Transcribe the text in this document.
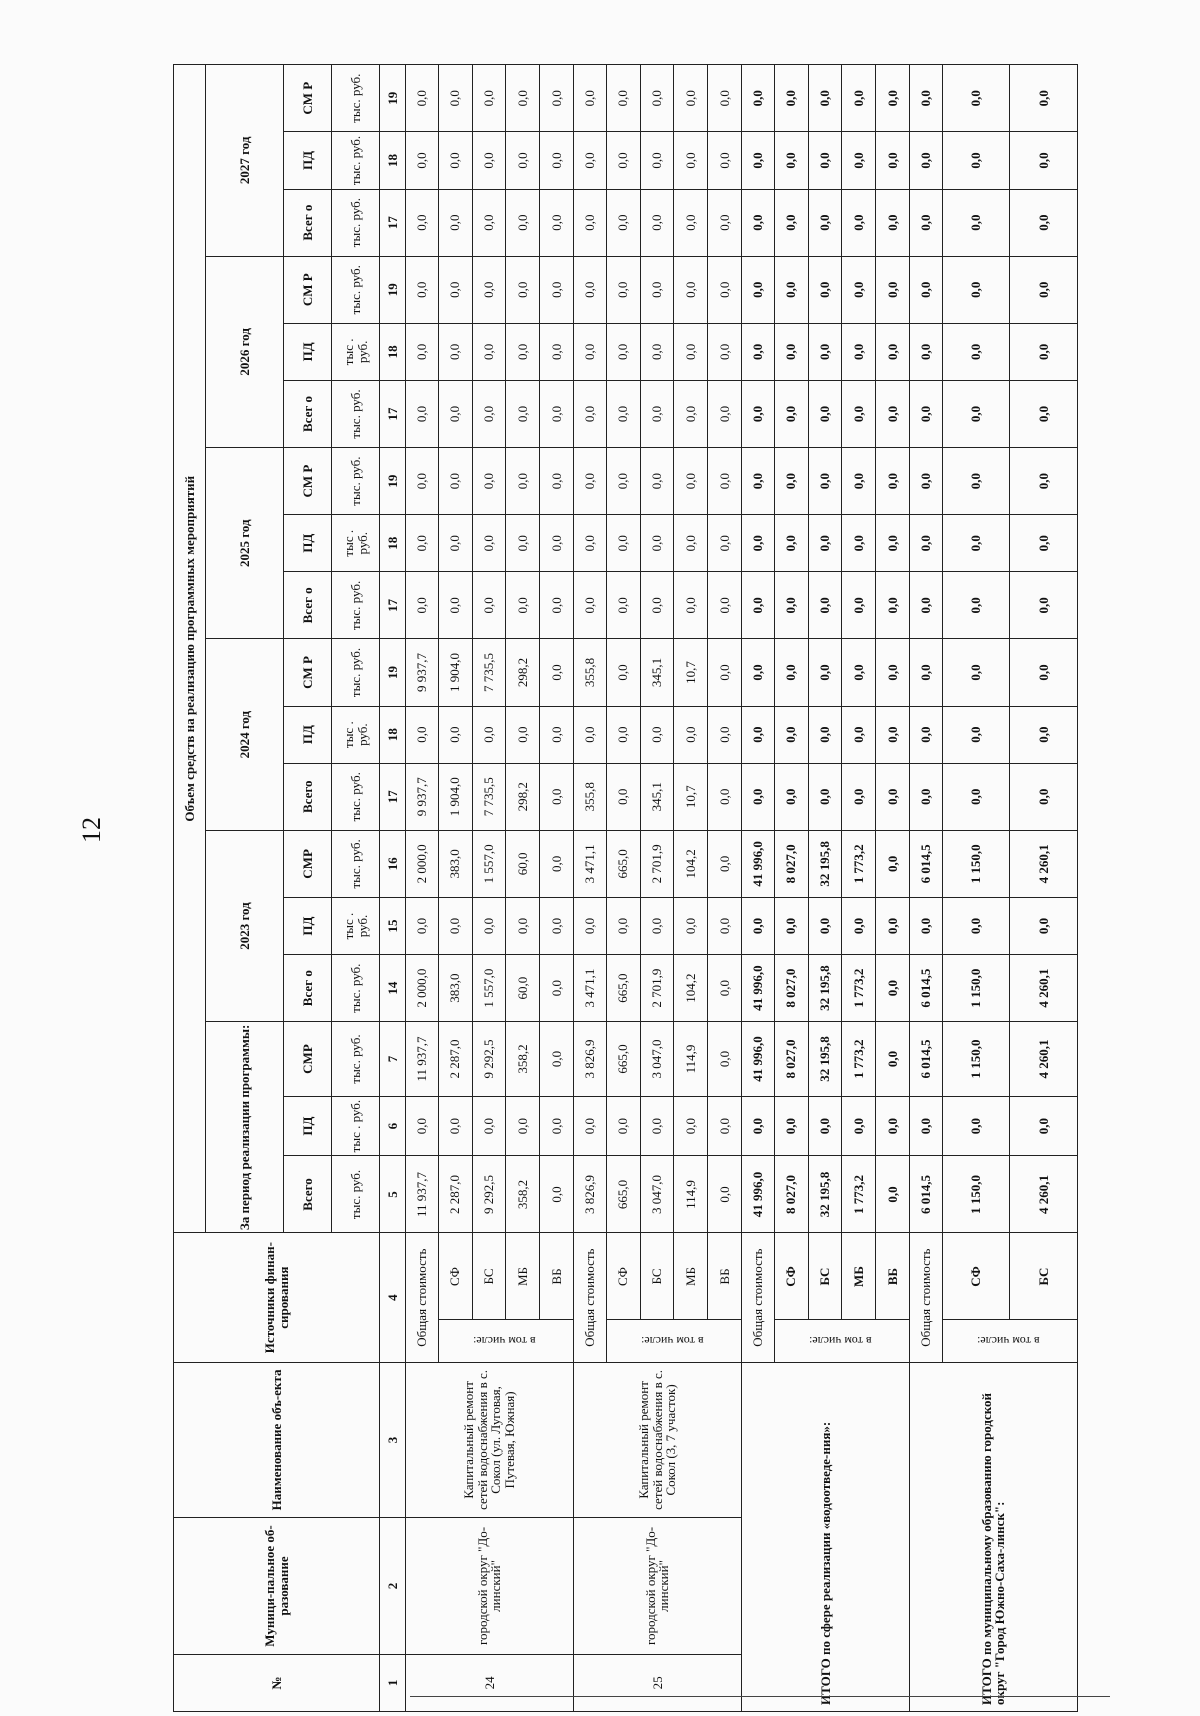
12
№	Муници-пальное об-разование	Наименование объ-екта	Источники финан-сирования		Объем средств на реализацию программных мероприятий																	
					За период реализации программы:			2023 год			2024 год			2025 год			2026 год			2027 год		
					Всего	ПД	СМР	Всег о	ПД	СМР	Всего	ПД	СМ Р	Всег о	ПД	СМ Р	Всег о	ПД	СМ Р	Всег о	ПД	СМ Р
					тыс. руб.	тыс . руб.	тыс. руб.	тыс. руб.	тыс . руб.	тыс. руб.	тыс. руб.	тыс . руб.	тыс. руб.	тыс. руб.	тыс . руб.	тыс. руб.	тыс. руб.	тыс . руб.	тыс. руб.	тыс. руб.	тыс. руб.	тыс. руб.
1	2	3	4		5	6	7	14	15	16	17	18	19	17	18	19	17	18	19	17	18	19
24	городской округ "До-линский"	Капитальный ремонт сетей водоснабжения в с. Сокол (ул. Луговая, Путевая, Южная)	Общая стоимость		11 937,7	0,0	11 937,7	2 000,0	0,0	2 000,0	9 937,7	0,0	9 937,7	0,0	0,0	0,0	0,0	0,0	0,0	0,0	0,0	0,0
			в том числе:	СФ	2 287,0	0,0	2 287,0	383,0	0,0	383,0	1 904,0	0,0	1 904,0	0,0	0,0	0,0	0,0	0,0	0,0	0,0	0,0	0,0
				БС	9 292,5	0,0	9 292,5	1 557,0	0,0	1 557,0	7 735,5	0,0	7 735,5	0,0	0,0	0,0	0,0	0,0	0,0	0,0	0,0	0,0
				МБ	358,2	0,0	358,2	60,0	0,0	60,0	298,2	0,0	298,2	0,0	0,0	0,0	0,0	0,0	0,0	0,0	0,0	0,0
				ВБ	0,0	0,0	0,0	0,0	0,0	0,0	0,0	0,0	0,0	0,0	0,0	0,0	0,0	0,0	0,0	0,0	0,0	0,0
25	городской округ "До-линский"	Капитальный ремонт сетей водоснабжения в с. Сокол (3, 7 участок)	Общая стоимость		3 826,9	0,0	3 826,9	3 471,1	0,0	3 471,1	355,8	0,0	355,8	0,0	0,0	0,0	0,0	0,0	0,0	0,0	0,0	0,0
			в том числе:	СФ	665,0	0,0	665,0	665,0	0,0	665,0	0,0	0,0	0,0	0,0	0,0	0,0	0,0	0,0	0,0	0,0	0,0	0,0
				БС	3 047,0	0,0	3 047,0	2 701,9	0,0	2 701,9	345,1	0,0	345,1	0,0	0,0	0,0	0,0	0,0	0,0	0,0	0,0	0,0
				МБ	114,9	0,0	114,9	104,2	0,0	104,2	10,7	0,0	10,7	0,0	0,0	0,0	0,0	0,0	0,0	0,0	0,0	0,0
				ВБ	0,0	0,0	0,0	0,0	0,0	0,0	0,0	0,0	0,0	0,0	0,0	0,0	0,0	0,0	0,0	0,0	0,0	0,0
ИТОГО по сфере реализации «водоотведе-ния»:			Общая стоимость		41 996,0	0,0	41 996,0	41 996,0	0,0	41 996,0	0,0	0,0	0,0	0,0	0,0	0,0	0,0	0,0	0,0	0,0	0,0	0,0
			в том числе:	СФ	8 027,0	0,0	8 027,0	8 027,0	0,0	8 027,0	0,0	0,0	0,0	0,0	0,0	0,0	0,0	0,0	0,0	0,0	0,0	0,0
				БС	32 195,8	0,0	32 195,8	32 195,8	0,0	32 195,8	0,0	0,0	0,0	0,0	0,0	0,0	0,0	0,0	0,0	0,0	0,0	0,0
				МБ	1 773,2	0,0	1 773,2	1 773,2	0,0	1 773,2	0,0	0,0	0,0	0,0	0,0	0,0	0,0	0,0	0,0	0,0	0,0	0,0
				ВБ	0,0	0,0	0,0	0,0	0,0	0,0	0,0	0,0	0,0	0,0	0,0	0,0	0,0	0,0	0,0	0,0	0,0	0,0
ИТОГО по муниципальному образованию городской округ "Город Южно-Саха-линск":			Общая стоимость		6 014,5	0,0	6 014,5	6 014,5	0,0	6 014,5	0,0	0,0	0,0	0,0	0,0	0,0	0,0	0,0	0,0	0,0	0,0	0,0
			в том числе:	СФ	1 150,0	0,0	1 150,0	1 150,0	0,0	1 150,0	0,0	0,0	0,0	0,0	0,0	0,0	0,0	0,0	0,0	0,0	0,0	0,0
				БС	4 260,1	0,0	4 260,1	4 260,1	0,0	4 260,1	0,0	0,0	0,0	0,0	0,0	0,0	0,0	0,0	0,0	0,0	0,0	0,0
